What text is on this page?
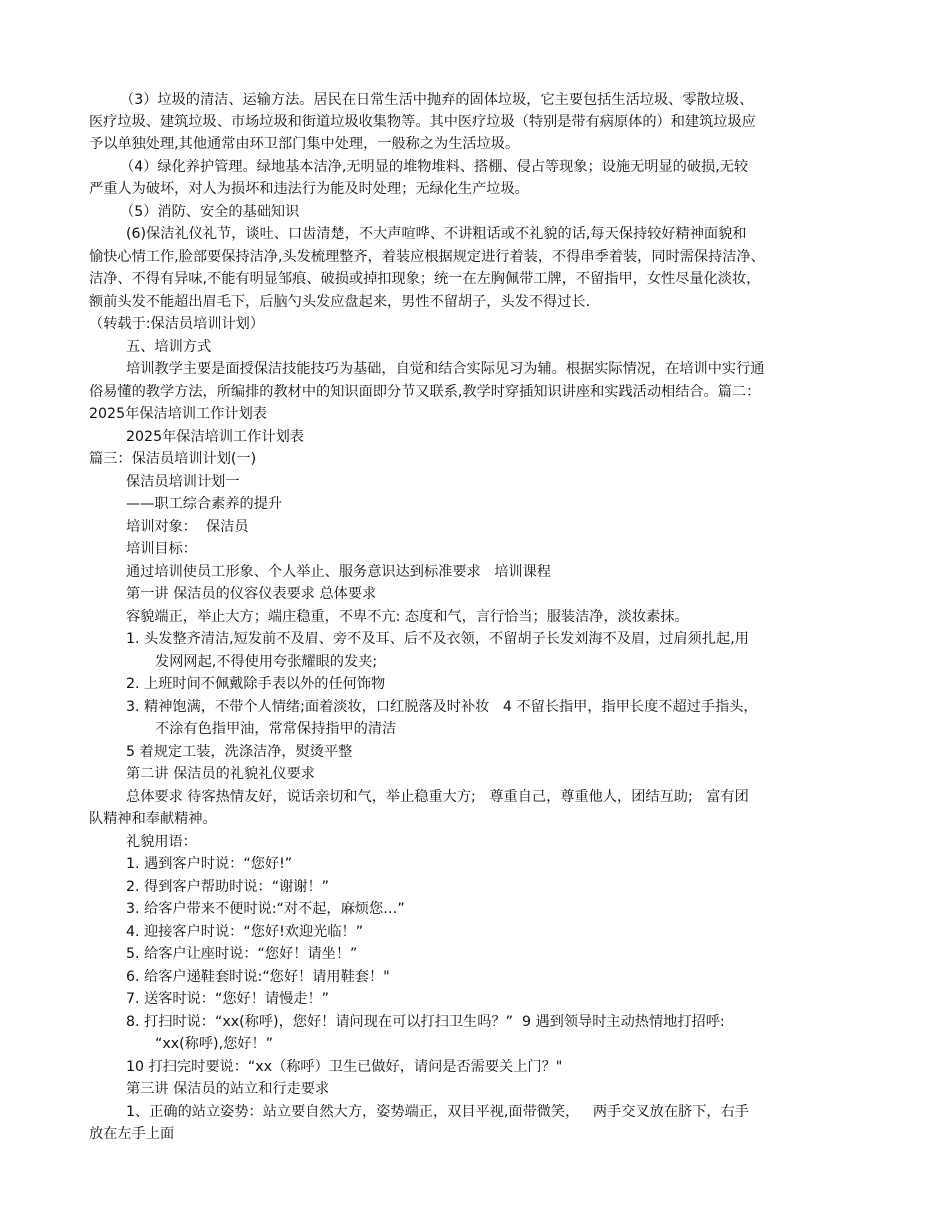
（3）垃圾的清洁、运输方法。居民在日常生活中抛弃的固体垃圾，它主要包括生活垃圾、零散垃圾、
医疗垃圾、建筑垃圾、市场垃圾和街道垃圾收集物等。其中医疗垃圾（特别是带有病原体的）和建筑垃圾应
予以单独处理,其他通常由环卫部门集中处理，一般称之为生活垃圾。
（4）绿化养护管理。绿地基本洁净,无明显的堆物堆料、搭棚、侵占等现象；设施无明显的破损,无较
严重人为破坏，对人为损坏和违法行为能及时处理；无绿化生产垃圾。
（5）消防、安全的基础知识
(6)保洁礼仪礼节，谈吐、口齿清楚，不大声喧哗、不讲粗话或不礼貌的话,每天保持较好精神面貌和
愉快心情工作,脸部要保持洁净,头发梳理整齐，着装应根据规定进行着装，不得串季着装，同时需保持洁净、
洁净、不得有异味,不能有明显邹痕、破损或掉扣现象；统一在左胸佩带工牌，不留指甲，女性尽量化淡妆，
额前头发不能超出眉毛下，后脑勺头发应盘起来，男性不留胡子，头发不得过长.
（转载于:保洁员培训计划）
五、培训方式
培训教学主要是面授保洁技能技巧为基础，自觉和结合实际见习为辅。根据实际情况，在培训中实行通
俗易懂的教学方法，所编排的教材中的知识面即分节又联系,教学时穿插知识讲座和实践活动相结合。篇二：
2025年保洁培训工作计划表
2025年保洁培训工作计划表
篇三：保洁员培训计划(一)
保洁员培训计划一
——职工综合素养的提升
培训对象：  保洁员
培训目标：
通过培训使员工形象、个人举止、服务意识达到标准要求   培训课程
第一讲 保洁员的仪容仪表要求 总体要求
容貌端正，举止大方；端庄稳重，不卑不亢: 态度和气，言行恰当；服装洁净，淡妆素抹。
1. 头发整齐清洁,短发前不及眉、旁不及耳、后不及衣领，不留胡子长发刘海不及眉，过肩须扎起,用
发网网起,不得使用夸张耀眼的发夹;
2. 上班时间不佩戴除手表以外的任何饰物
3. 精神饱满，不带个人情绪;面着淡妆，口红脱落及时补妆   4 不留长指甲，指甲长度不超过手指头，
不涂有色指甲油，常常保持指甲的清洁
5 着规定工装，洗涤洁净，熨烫平整
第二讲 保洁员的礼貌礼仪要求
总体要求 待客热情友好，说话亲切和气，举止稳重大方;   尊重自己，尊重他人，团结互助;   富有团
队精神和奉献精神。
礼貌用语：
1. 遇到客户时说：“您好!”
2. 得到客户帮助时说：“谢谢！”
3. 给客户带来不便时说:“对不起，麻烦您…”
4. 迎接客户时说：“您好!欢迎光临！”
5. 给客户让座时说：“您好！请坐！”
6. 给客户递鞋套时说:“您好！请用鞋套！"
7. 送客时说：“您好！请慢走！”
8. 打扫时说：“xx(称呼)，您好！请问现在可以打扫卫生吗？”  9 遇到领导时主动热情地打招呼:
“xx(称呼),您好！”
10 打扫完时要说：“xx（称呼）卫生已做好，请问是否需要关上门？"
第三讲 保洁员的站立和行走要求
1、正确的站立姿势：站立要自然大方，姿势端正，双目平视,面带微笑，   两手交叉放在脐下，右手
放在左手上面
